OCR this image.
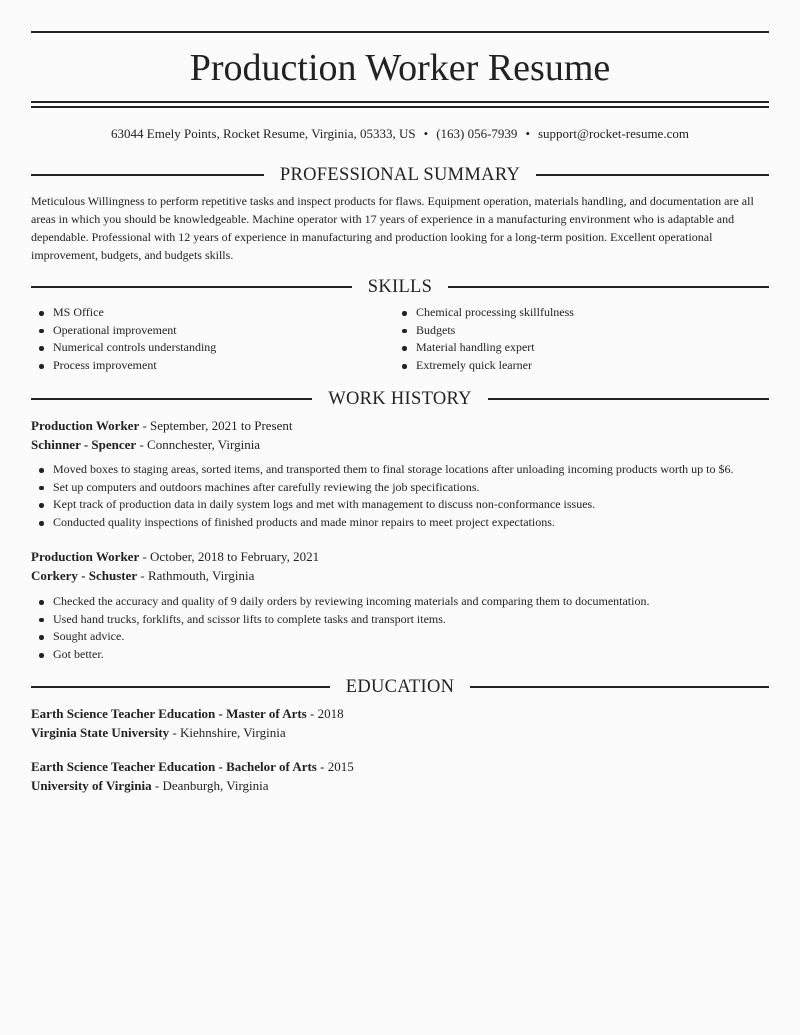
Production Worker Resume
63044 Emely Points, Rocket Resume, Virginia, 05333, US • (163) 056-7939 • support@rocket-resume.com
PROFESSIONAL SUMMARY
Meticulous Willingness to perform repetitive tasks and inspect products for flaws. Equipment operation, materials handling, and documentation are all areas in which you should be knowledgeable. Machine operator with 17 years of experience in a manufacturing environment who is adaptable and dependable. Professional with 12 years of experience in manufacturing and production looking for a long-term position. Excellent operational improvement, budgets, and budgets skills.
SKILLS
MS Office
Operational improvement
Numerical controls understanding
Process improvement
Chemical processing skillfulness
Budgets
Material handling expert
Extremely quick learner
WORK HISTORY
Production Worker - September, 2021 to Present
Schinner - Spencer - Connchester, Virginia
Moved boxes to staging areas, sorted items, and transported them to final storage locations after unloading incoming products worth up to $6.
Set up computers and outdoors machines after carefully reviewing the job specifications.
Kept track of production data in daily system logs and met with management to discuss non-conformance issues.
Conducted quality inspections of finished products and made minor repairs to meet project expectations.
Production Worker - October, 2018 to February, 2021
Corkery - Schuster - Rathmouth, Virginia
Checked the accuracy and quality of 9 daily orders by reviewing incoming materials and comparing them to documentation.
Used hand trucks, forklifts, and scissor lifts to complete tasks and transport items.
Sought advice.
Got better.
EDUCATION
Earth Science Teacher Education - Master of Arts - 2018
Virginia State University - Kiehnshire, Virginia
Earth Science Teacher Education - Bachelor of Arts - 2015
University of Virginia - Deanburgh, Virginia
